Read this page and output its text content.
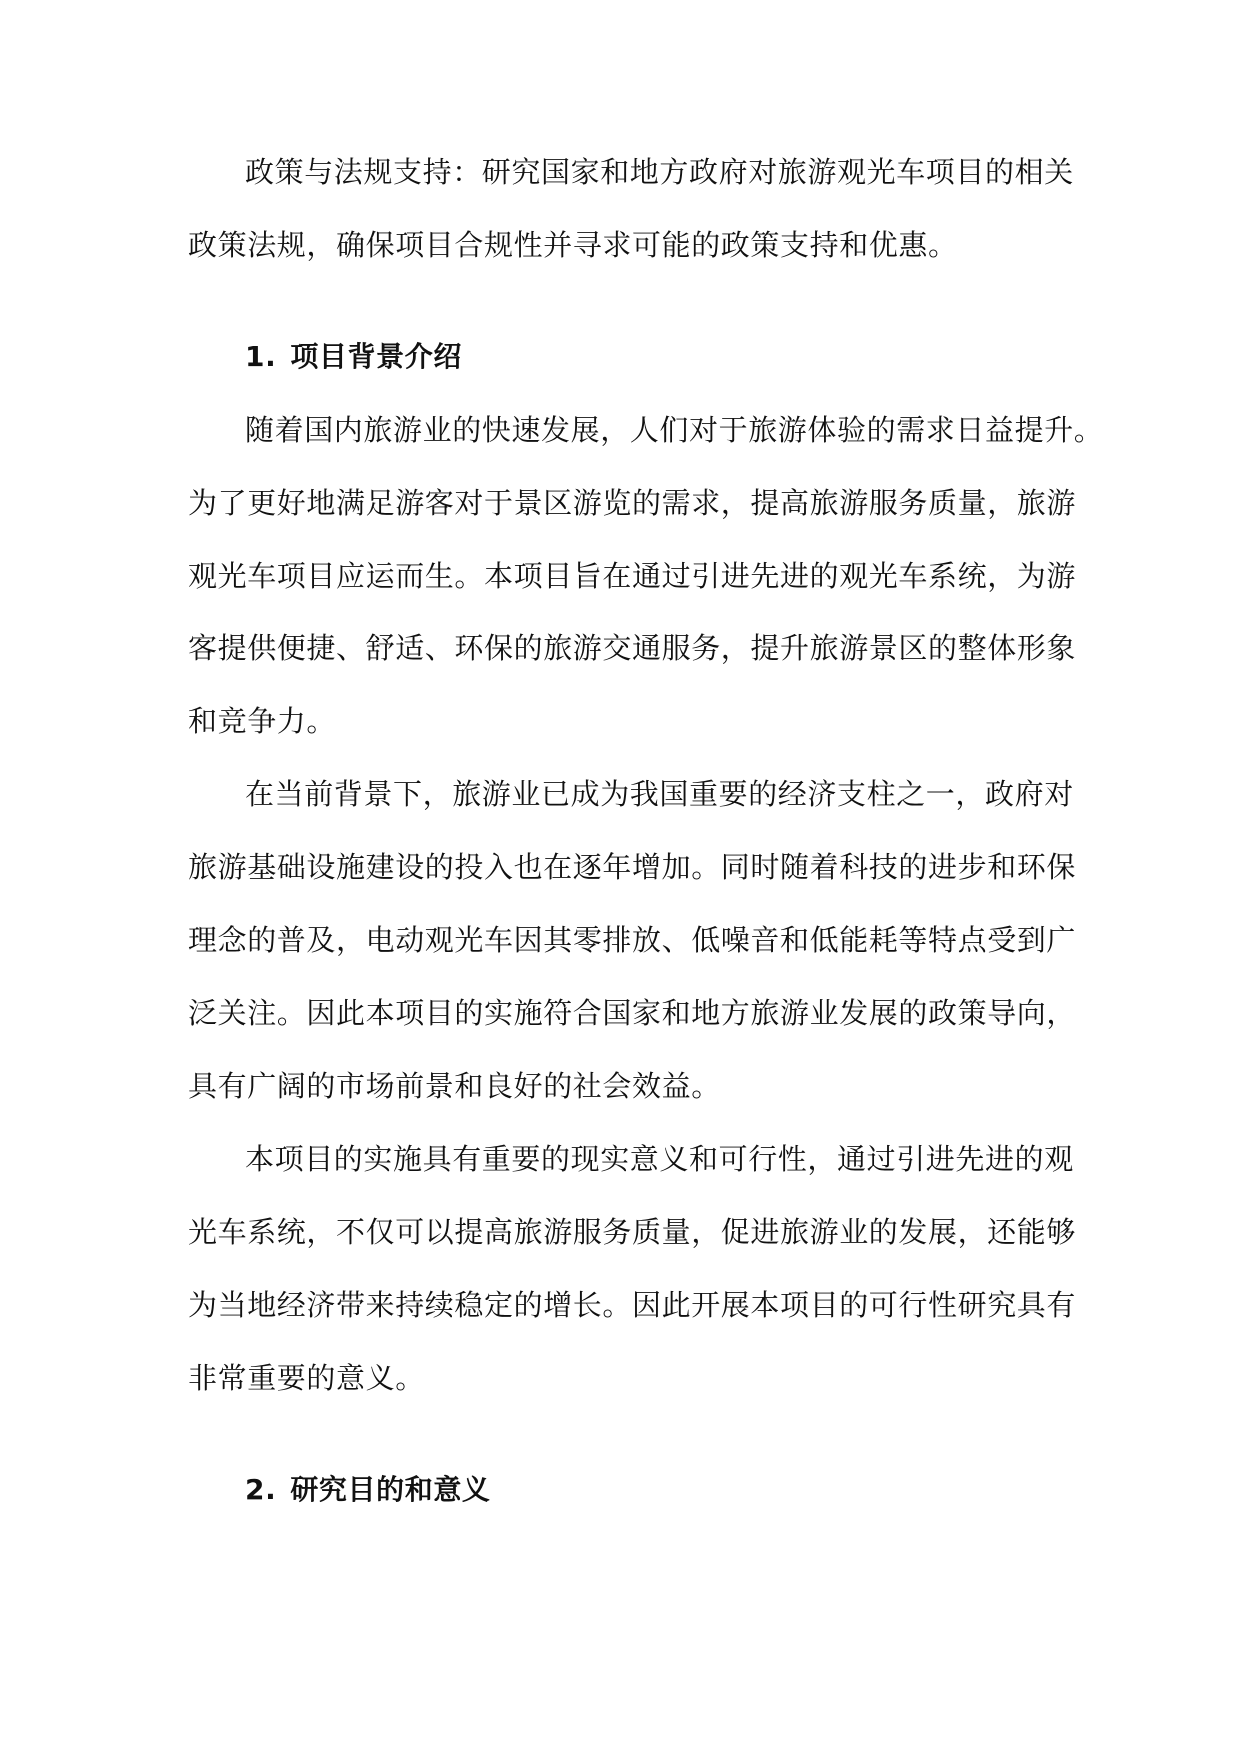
政策与法规支持：研究国家和地方政府对旅游观光车项目的相关
政策法规，确保项目合规性并寻求可能的政策支持和优惠。
1. 项目背景介绍
随着国内旅游业的快速发展，人们对于旅游体验的需求日益提升。
为了更好地满足游客对于景区游览的需求，提高旅游服务质量，旅游
观光车项目应运而生。本项目旨在通过引进先进的观光车系统，为游
客提供便捷、舒适、环保的旅游交通服务，提升旅游景区的整体形象
和竞争力。
在当前背景下，旅游业已成为我国重要的经济支柱之一，政府对
旅游基础设施建设的投入也在逐年增加。同时随着科技的进步和环保
理念的普及，电动观光车因其零排放、低噪音和低能耗等特点受到广
泛关注。因此本项目的实施符合国家和地方旅游业发展的政策导向，
具有广阔的市场前景和良好的社会效益。
本项目的实施具有重要的现实意义和可行性，通过引进先进的观
光车系统，不仅可以提高旅游服务质量，促进旅游业的发展，还能够
为当地经济带来持续稳定的增长。因此开展本项目的可行性研究具有
非常重要的意义。
2. 研究目的和意义
